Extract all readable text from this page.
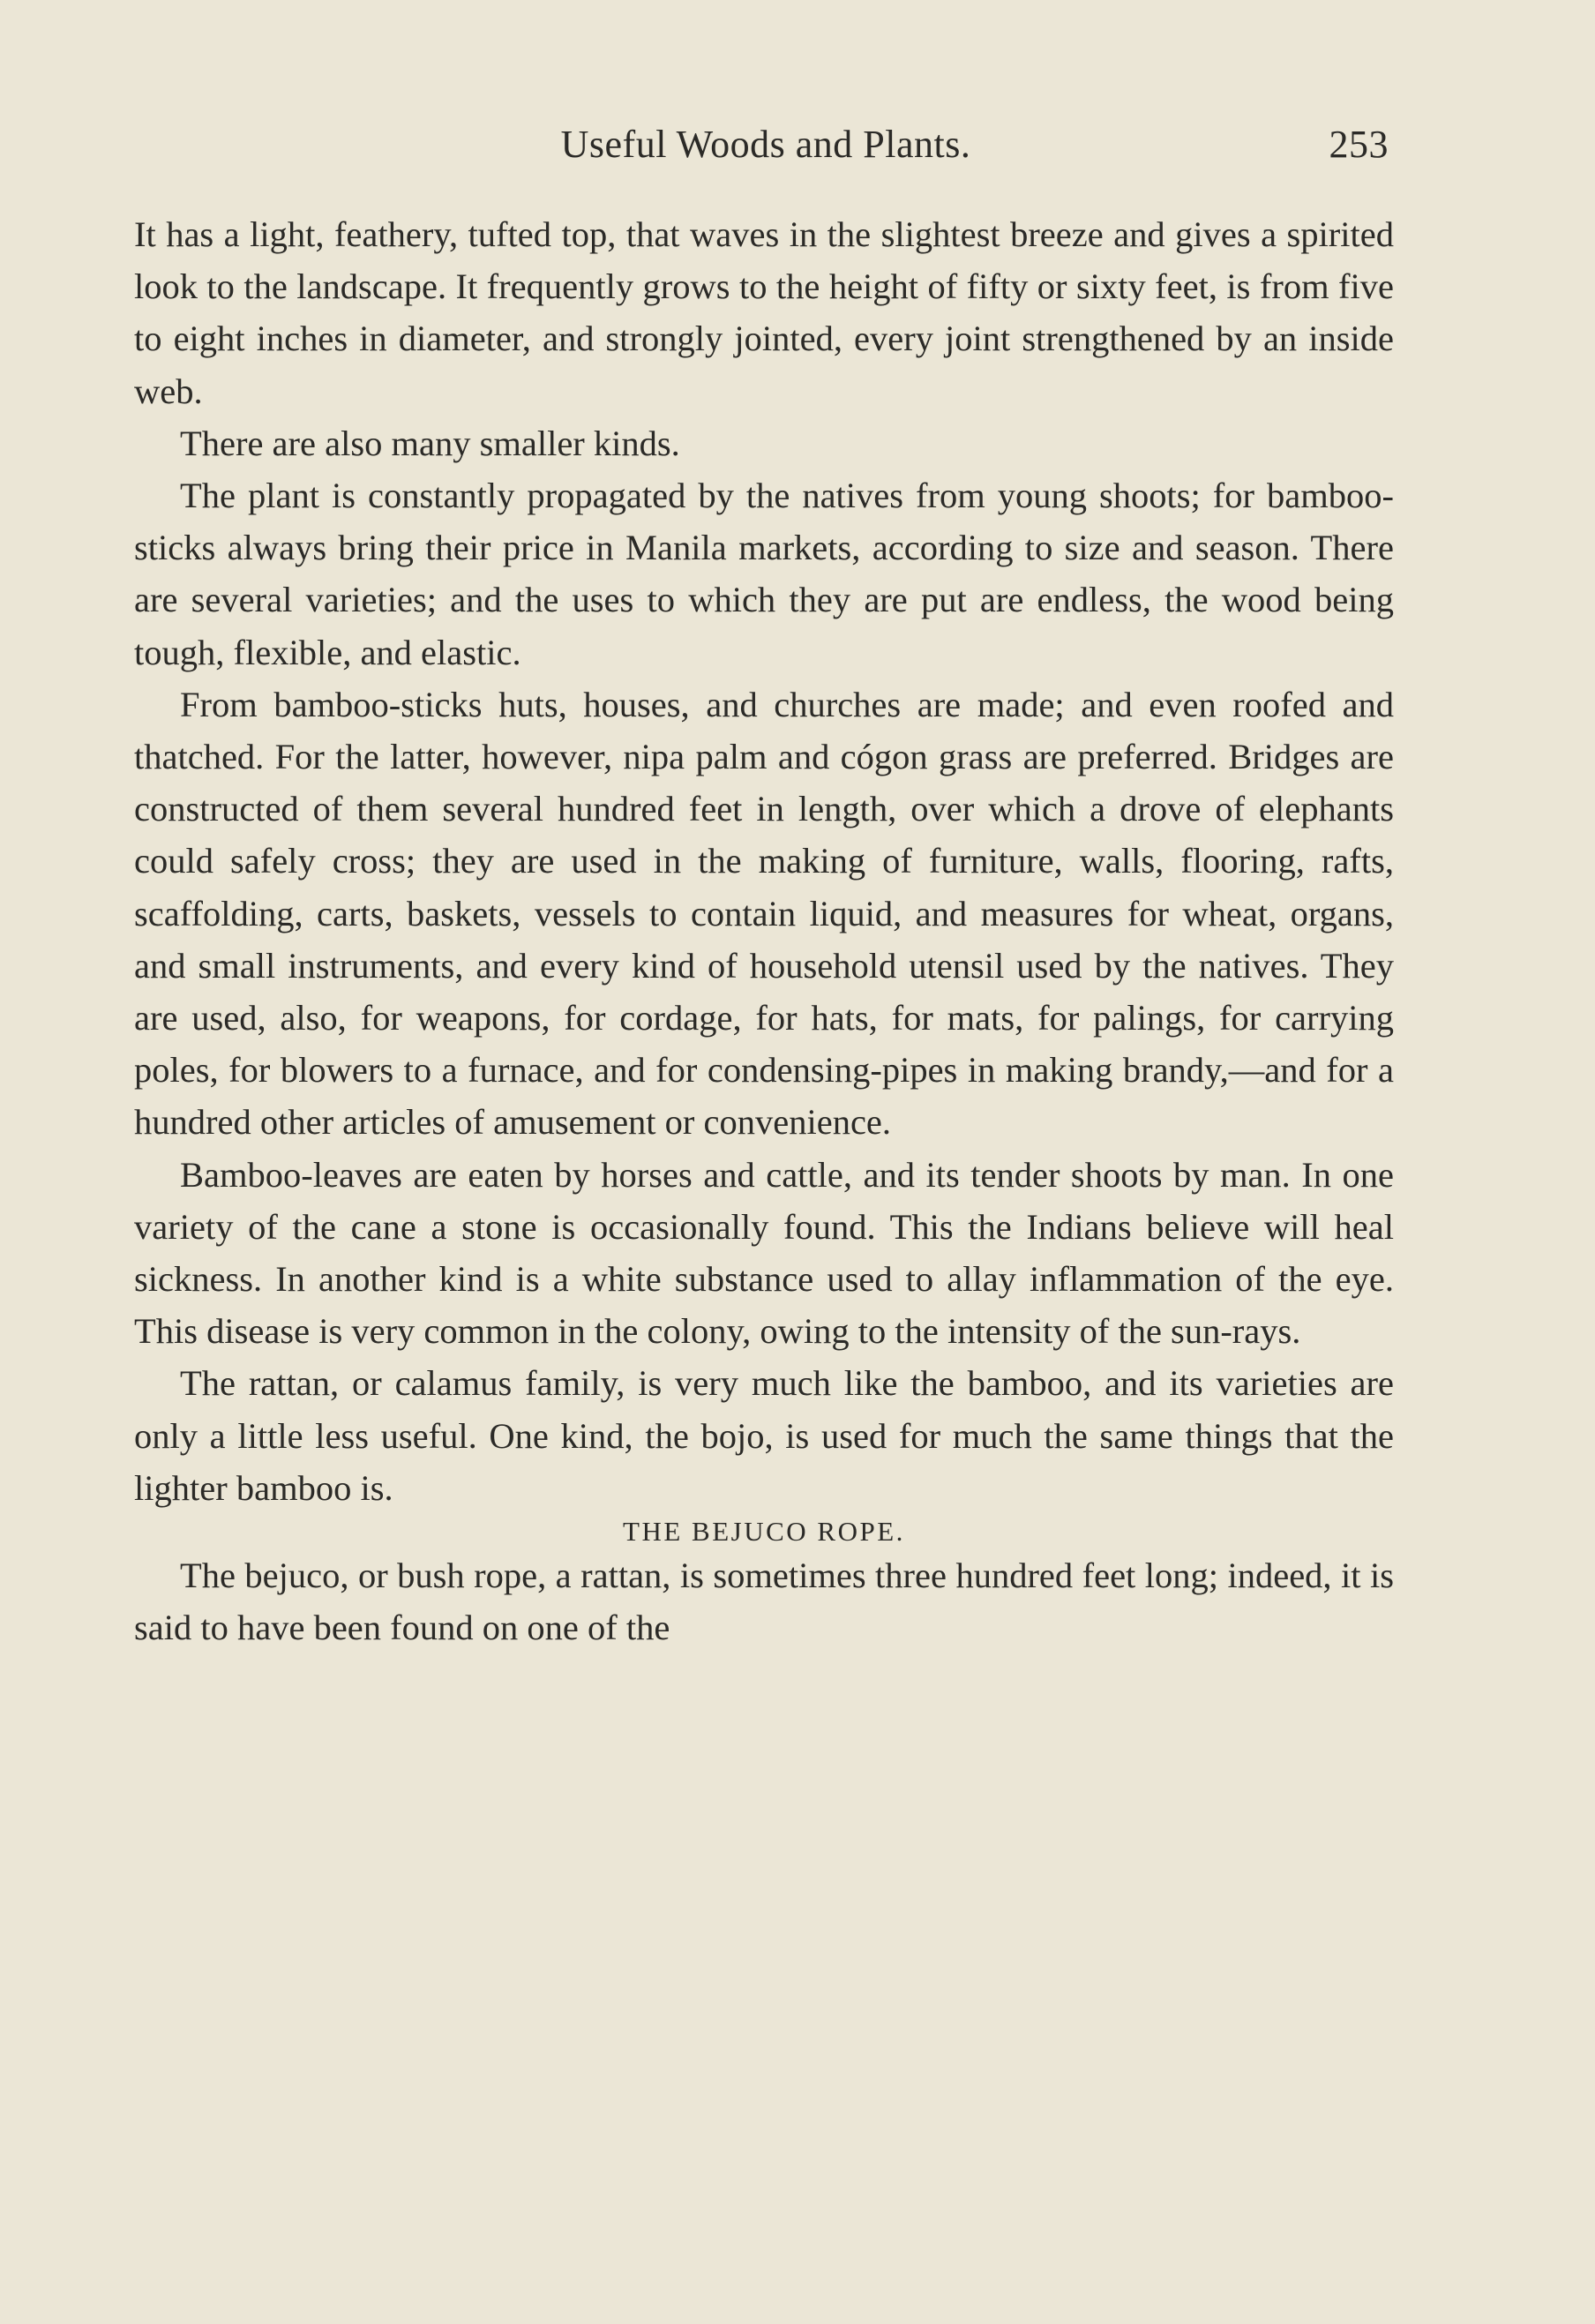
Useful Woods and Plants.	253

It has a light, feathery, tufted top, that waves in the slightest breeze and gives a spirited look to the landscape. It frequently grows to the height of fifty or sixty feet, is from five to eight inches in diameter, and strongly jointed, every joint strengthened by an inside web.

There are also many smaller kinds.

The plant is constantly propagated by the natives from young shoots; for bamboo-sticks always bring their price in Manila markets, according to size and season. There are several varieties; and the uses to which they are put are endless, the wood being tough, flexible, and elastic.

From bamboo-sticks huts, houses, and churches are made; and even roofed and thatched. For the latter, however, nipa palm and cógon grass are preferred. Bridges are constructed of them several hundred feet in length, over which a drove of elephants could safely cross; they are used in the making of furniture, walls, flooring, rafts, scaffolding, carts, baskets, vessels to contain liquid, and measures for wheat, organs, and small instruments, and every kind of household utensil used by the natives. They are used, also, for weapons, for cordage, for hats, for mats, for palings, for carrying poles, for blowers to a furnace, and for condensing-pipes in making brandy,—and for a hundred other articles of amusement or convenience.

Bamboo-leaves are eaten by horses and cattle, and its tender shoots by man. In one variety of the cane a stone is occasionally found. This the Indians believe will heal sickness. In another kind is a white substance used to allay inflammation of the eye. This disease is very common in the colony, owing to the intensity of the sun-rays.

The rattan, or calamus family, is very much like the bamboo, and its varieties are only a little less useful. One kind, the bojo, is used for much the same things that the lighter bamboo is.

THE BEJUCO ROPE.

The bejuco, or bush rope, a rattan, is sometimes three hundred feet long; indeed, it is said to have been found on one of the
